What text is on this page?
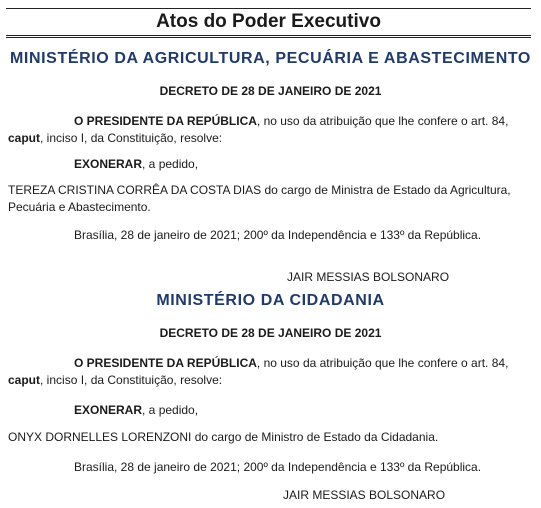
Atos do Poder Executivo
MINISTÉRIO DA AGRICULTURA, PECUÁRIA E ABASTECIMENTO
DECRETO DE 28 DE JANEIRO DE 2021
O PRESIDENTE DA REPÚBLICA, no uso da atribuição que lhe confere o art. 84,
caput, inciso I, da Constituição, resolve:
EXONERAR, a pedido,
TEREZA CRISTINA CORRÊA DA COSTA DIAS do cargo de Ministra de Estado da Agricultura, Pecuária e Abastecimento.
Brasília, 28 de janeiro de 2021; 200º da Independência e 133º da República.
JAIR MESSIAS BOLSONARO
MINISTÉRIO DA CIDADANIA
DECRETO DE 28 DE JANEIRO DE 2021
O PRESIDENTE DA REPÚBLICA, no uso da atribuição que lhe confere o art. 84,
caput, inciso I, da Constituição, resolve:
EXONERAR, a pedido,
ONYX DORNELLES LORENZONI do cargo de Ministro de Estado da Cidadania.
Brasília, 28 de janeiro de 2021; 200º da Independência e 133º da República.
JAIR MESSIAS BOLSONARO
